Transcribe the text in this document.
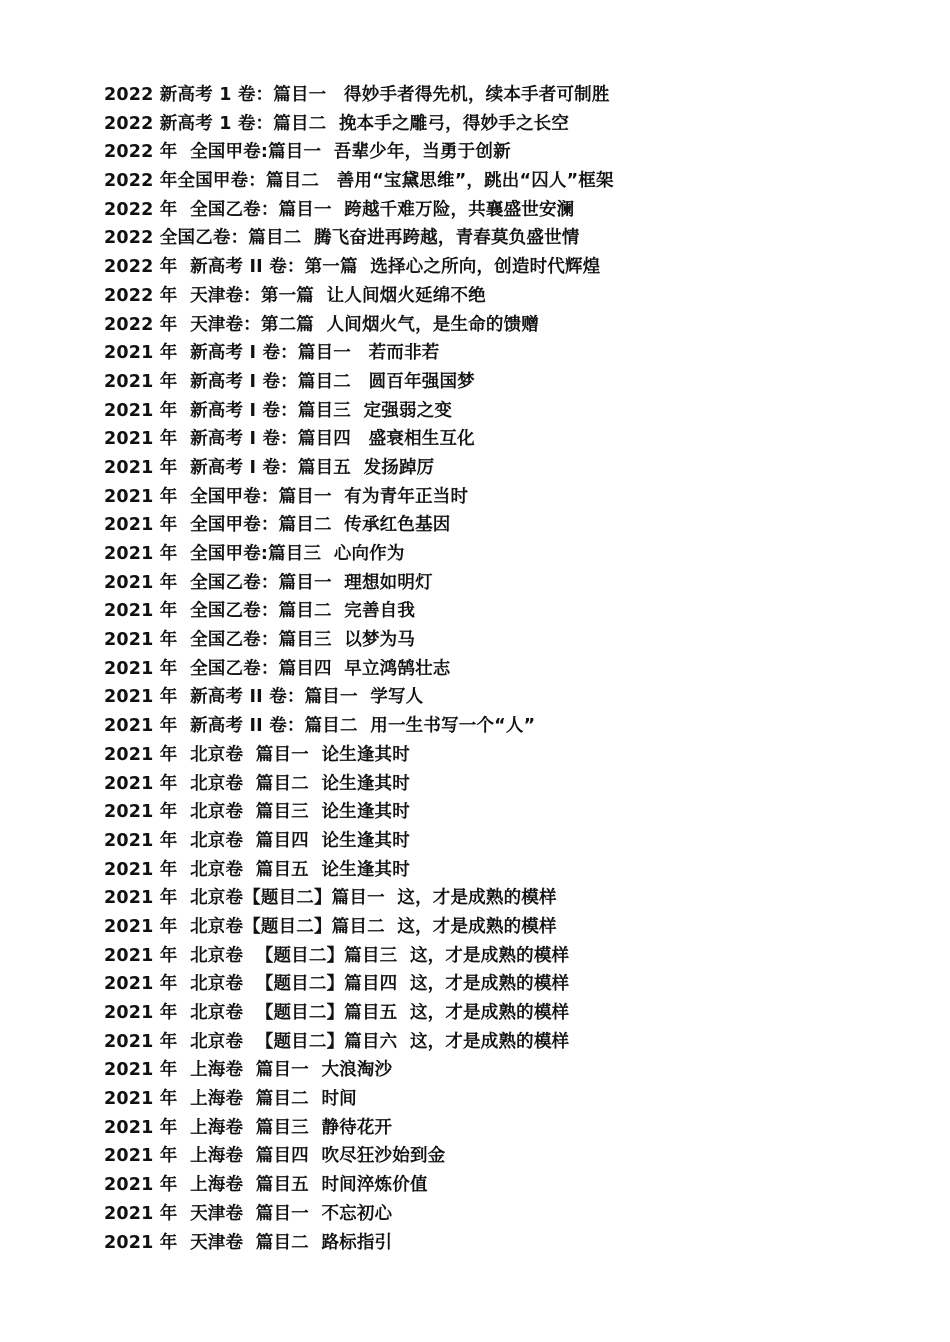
2022 新高考 1 卷：篇目一　得妙手者得先机，续本手者可制胜
2022 新高考 1 卷：篇目二  挽本手之雕弓，得妙手之长空
2022 年  全国甲卷:篇目一  吾辈少年，当勇于创新
2022 年全国甲卷：篇目二　善用“宝黛思维”，跳出“囚人”框架
2022 年  全国乙卷：篇目一  跨越千难万险，共襄盛世安澜
2022 全国乙卷：篇目二  腾飞奋进再跨越，青春莫负盛世情
2022 年  新高考 II 卷：第一篇  选择心之所向，创造时代辉煌
2022 年  天津卷：第一篇  让人间烟火延绵不绝
2022 年  天津卷：第二篇  人间烟火气，是生命的馈赠
2021 年  新高考 I 卷：篇目一　若而非若
2021 年  新高考 I 卷：篇目二　圆百年强国梦
2021 年  新高考 I 卷：篇目三  定强弱之变
2021 年  新高考 I 卷：篇目四　盛衰相生互化
2021 年  新高考 I 卷：篇目五  发扬踔厉
2021 年  全国甲卷：篇目一  有为青年正当时
2021 年  全国甲卷：篇目二  传承红色基因
2021 年  全国甲卷:篇目三  心向作为
2021 年  全国乙卷：篇目一  理想如明灯
2021 年  全国乙卷：篇目二  完善自我
2021 年  全国乙卷：篇目三  以梦为马
2021 年  全国乙卷：篇目四  早立鸿鹄壮志
2021 年  新高考 II 卷：篇目一  学写人
2021 年  新高考 II 卷：篇目二  用一生书写一个“人”
2021 年  北京卷  篇目一  论生逢其时
2021 年  北京卷  篇目二  论生逢其时
2021 年  北京卷  篇目三  论生逢其时
2021 年  北京卷  篇目四  论生逢其时
2021 年  北京卷  篇目五  论生逢其时
2021 年  北京卷【题目二】篇目一  这，才是成熟的模样
2021 年  北京卷【题目二】篇目二  这，才是成熟的模样
2021 年  北京卷  【题目二】篇目三  这，才是成熟的模样
2021 年  北京卷  【题目二】篇目四  这，才是成熟的模样
2021 年  北京卷  【题目二】篇目五  这，才是成熟的模样
2021 年  北京卷  【题目二】篇目六  这，才是成熟的模样
2021 年  上海卷  篇目一  大浪淘沙
2021 年  上海卷  篇目二  时间
2021 年  上海卷  篇目三  静待花开
2021 年  上海卷  篇目四  吹尽狂沙始到金
2021 年  上海卷  篇目五  时间淬炼价值
2021 年  天津卷  篇目一  不忘初心
2021 年  天津卷  篇目二  路标指引
